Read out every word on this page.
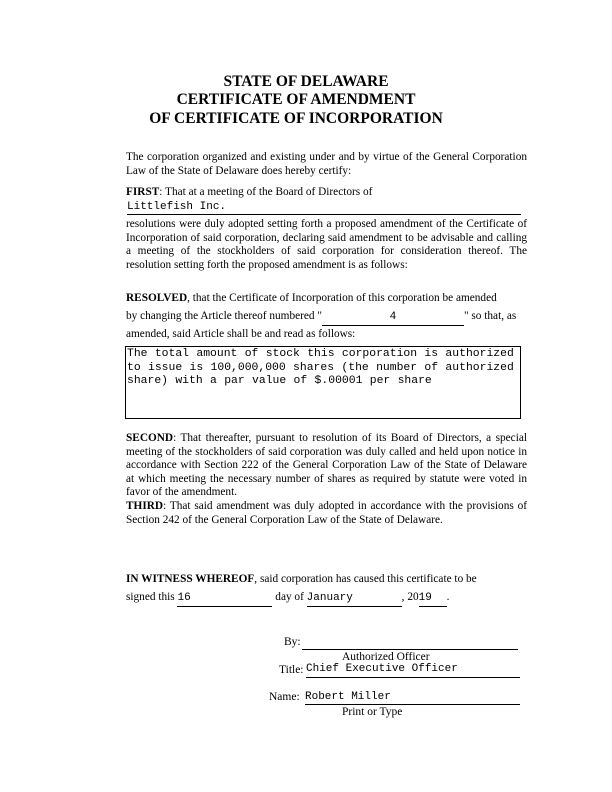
STATE OF DELAWARE
CERTIFICATE OF AMENDMENT
OF CERTIFICATE OF INCORPORATION
The corporation organized and existing under and by virtue of the General Corporation Law of the State of Delaware does hereby certify:
FIRST: That at a meeting of the Board of Directors of
Littlefish Inc.
resolutions were duly adopted setting forth a proposed amendment of the Certificate of Incorporation of said corporation, declaring said amendment to be advisable and calling a meeting of the stockholders of said corporation for consideration thereof. The resolution setting forth the proposed amendment is as follows:
RESOLVED, that the Certificate of Incorporation of this corporation be amended
by changing the Article thereof numbered "	4	" so that, as
amended, said Article shall be and read as follows:
The total amount of stock this corporation is authorized to issue is 100,000,000 shares (the number of authorized share) with a par value of $.00001 per share
SECOND: That thereafter, pursuant to resolution of its Board of Directors, a special meeting of the stockholders of said corporation was duly called and held upon notice in accordance with Section 222 of the General Corporation Law of the State of Delaware at which meeting the necessary number of shares as required by statute were voted in favor of the amendment.
THIRD: That said amendment was duly adopted in accordance with the provisions of Section 242 of the General Corporation Law of the State of Delaware.
IN WITNESS WHEREOF, said corporation has caused this certificate to be
signed this 16	day of January	, 2019 .
By:
Authorized Officer
Title: Chief Executive Officer
Name: Robert Miller
Print or Type
